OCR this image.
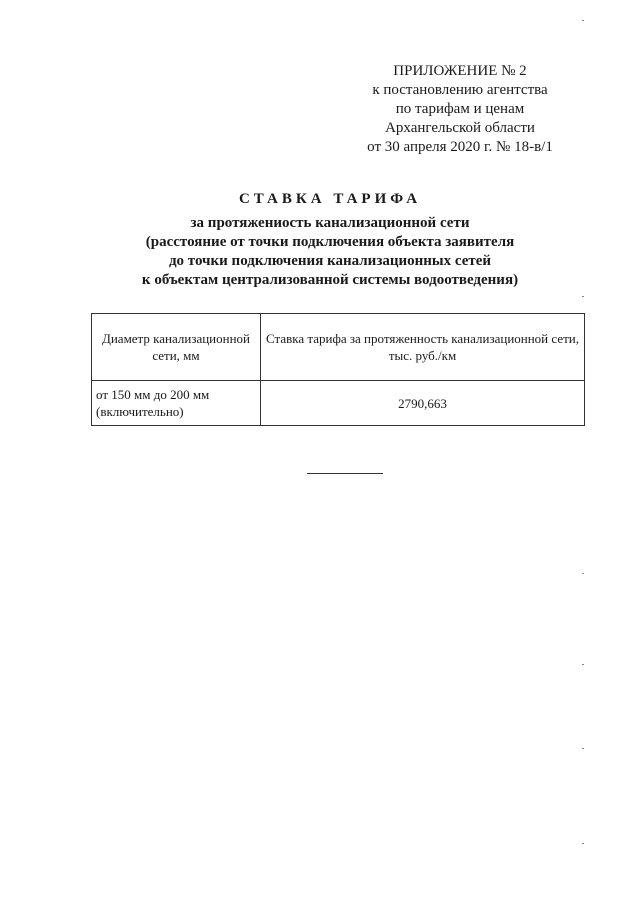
ПРИЛОЖЕНИЕ № 2
к постановлению агентства
по тарифам и ценам
Архангельской области
от 30 апреля 2020 г. № 18-в/1
СТАВКА ТАРИФА
за протяжениость канализационной сети
(расстояние от точки подключения объекта заявителя
до точки подключения канализационных сетей
к объектам централизованной системы водоотведения)
Диаметр канализационной сети, мм	Ставка тарифа за протяженность канализационной сети, тыс. руб./км
от 150 мм до 200 мм (включительно)	2790,663
